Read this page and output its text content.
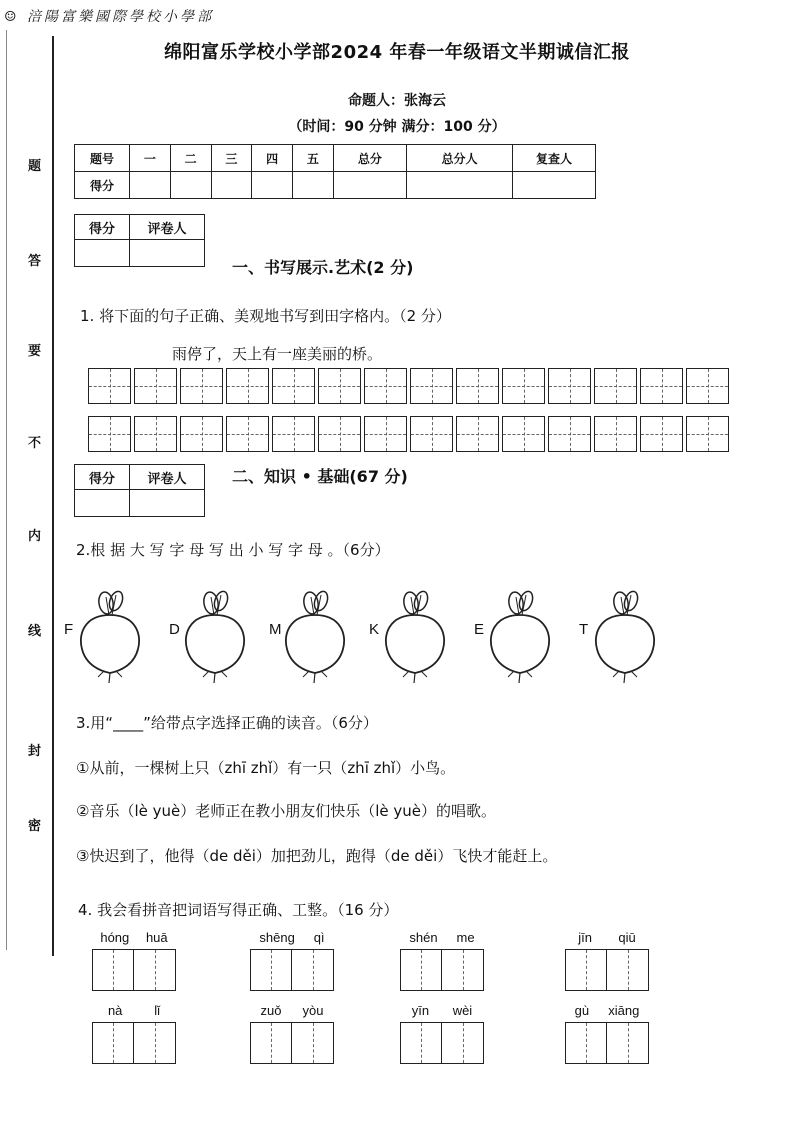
☺ 涪陽富樂國際學校小學部
绵阳富乐学校小学部2024 年春一年级语文半期诚信汇报
命题人：张海云
（时间：90 分钟 满分：100 分）
题
答
要
不
内
线
封
密
题号	一	二	三	四	五	总分	总分人	复查人
得分								
得分	评卷人

一、书写展示.艺术(2 分)
1. 将下面的句子正确、美观地书写到田字格内。（2 分）
雨停了，天上有一座美丽的桥。
得分	评卷人
		二、知识 • 基础(67 分)
2.根 据 大 写 字 母 写 出 小 写 字 母 。（6分）
F	D	M	K	E	T
3.用“____”给带点字选择正确的读音。（6分）
①从前，一棵树上只（zhī zhǐ）有一只（zhī zhǐ）小鸟。
②音乐（lè yuè）老师正在教小朋友们快乐（lè yuè）的唱歌。
③快迟到了，他得（de děi）加把劲儿，跑得（de děi）飞快才能赶上。
4. 我会看拼音把词语写得正确、工整。（16 分）
hóng huā	shēng qì	shén me	jīn qiū
nà lǐ	zuǒ yòu	yīn wèi	gù xiāng
